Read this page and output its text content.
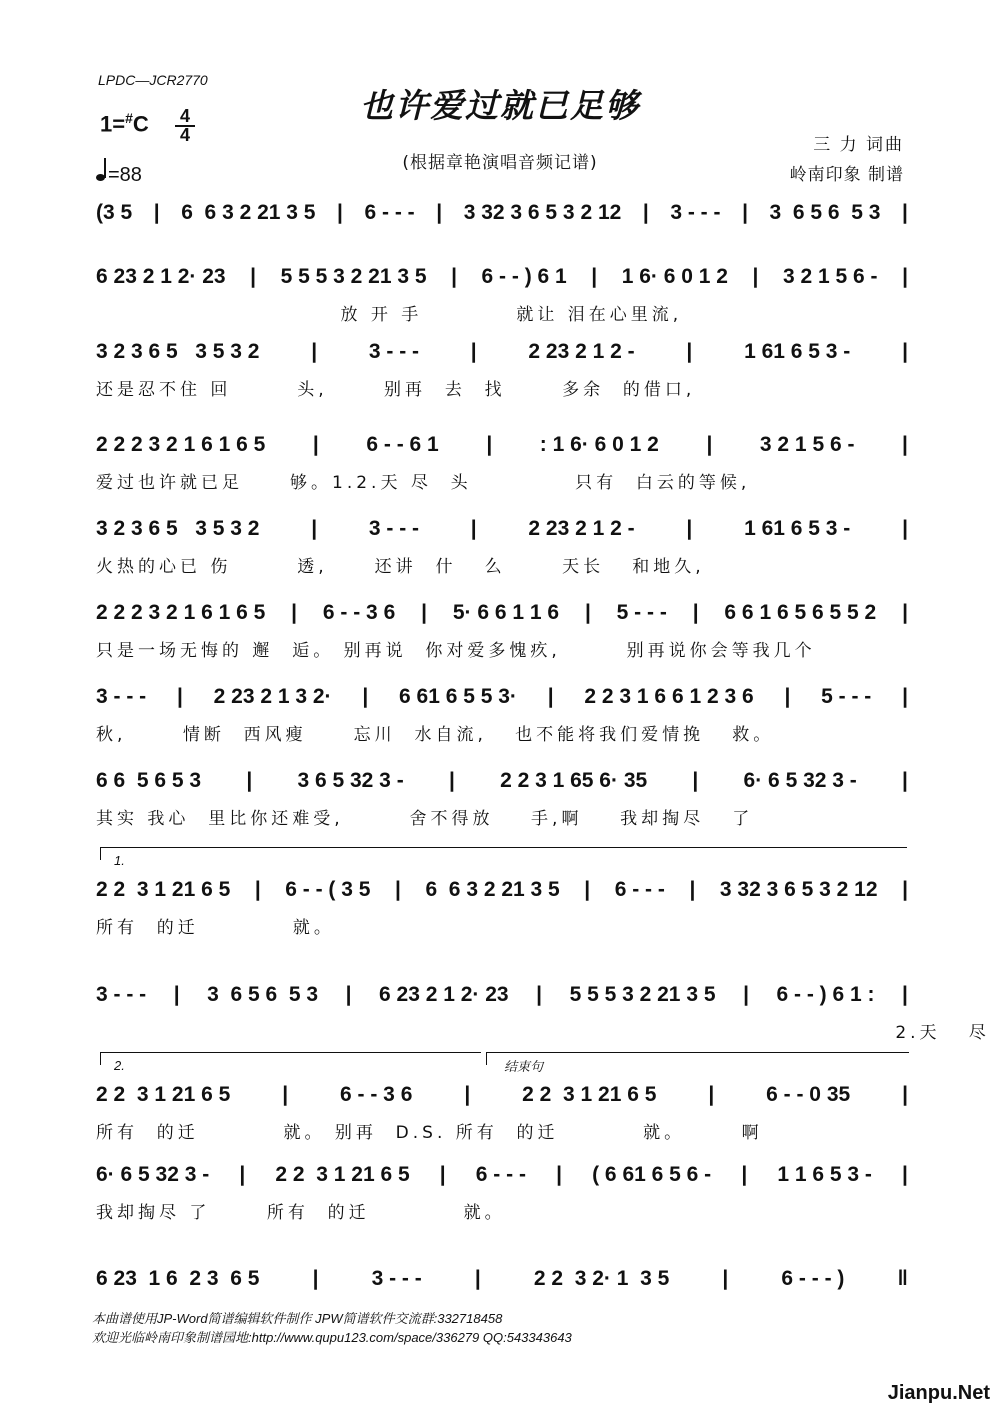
LPDC—JCR2770
也许爱过就已足够
(根据章艳演唱音频记谱)
1=#C 4
4
=88
三 力 词曲
岭南印象 制谱
(3 5 | 6  6 3 2 21 3 5 | 6 - - - | 3 32 3 6 5 3 2 12 | 3 - - - | 3  6 5 6  5 3 |
6 23 2 1 2· 23 | 5 5 5 3 2 21 3 5 | 6 - - ) 6 1 | 1 6· 6 0 1 2 | 3 2 1 5 6 - |
放 开 手          就让 泪在心里流,
3 2 3 6 5   3 5 3 2 | 3 - - - | 2 23 2 1 2 - | 1 61 6 5 3 - |
还是忍不住 回       头,      别再  去  找      多余  的借口,
2 2 2 3 2 1 6 1 6 5 | 6 - - 6 1 | : 1 6· 6 0 1 2 | 3 2 1 5 6 - |
爱过也许就已足     够。1.2.天 尽  头           只有  白云的等候,
3 2 3 6 5   3 5 3 2 | 3 - - - | 2 23 2 1 2 - | 1 61 6 5 3 - |
火热的心已 伤       透,     还讲  什   么      天长   和地久,
2 2 2 3 2 1 6 1 6 5 | 6 - - 3 6 | 5· 6 6 1 1 6 | 5 - - - | 6 6 1 6 5 6 5 5 2 |
只是一场无悔的 邂  逅。 别再说  你对爱多愧疚,       别再说你会等我几个
3 - - - | 2 23 2 1 3 2· | 6 61 6 5 5 3· | 2 2 3 1 6 6 1 2 3 6 | 5 - - - |
秋,      情断  西风瘦     忘川  水自流,   也不能将我们爱情挽   救。
6 6  5 6 5 3 | 3 6 5 32 3 - | 2 2 3 1 65 6· 35 | 6· 6 5 32 3 - |
其实 我心  里比你还难受,       舍不得放    手,啊    我却掏尽   了
1.
2 2  3 1 21 6 5 | 6 - - ( 3 5 | 6  6 3 2 21 3 5 | 6 - - - | 3 32 3 6 5 3 2 12 |
所有  的迁          就。
3 - - - | 3  6 5 6  5 3 | 6 23 2 1 2· 23 | 5 5 5 3 2 21 3 5 | 6 - - ) 6 1 : |
2.天   尽
2.	结束句
2 2  3 1 21 6 5 | 6 - - 3 6 | 2 2  3 1 21 6 5 | 6 - - 0 35 |
所有  的迁         就。 别再  D.S. 所有  的迁         就。      啊
6· 6 5 32 3 - | 2 2  3 1 21 6 5 | 6 - - - | ( 6 61 6 5 6 - | 1 1 6 5 3 - |
我却掏尽 了      所有  的迁          就。
6 23  1 6  2 3  6 5	|	3 - - -	|	2 2  3 2· 1  3 5	|	6 - - - )	‖
本曲谱使用JP-Word简谱编辑软件制作 JPW简谱软件交流群:332718458
欢迎光临岭南印象制谱园地:http://www.qupu123.com/space/336279 QQ:543343643
Jianpu.Net
